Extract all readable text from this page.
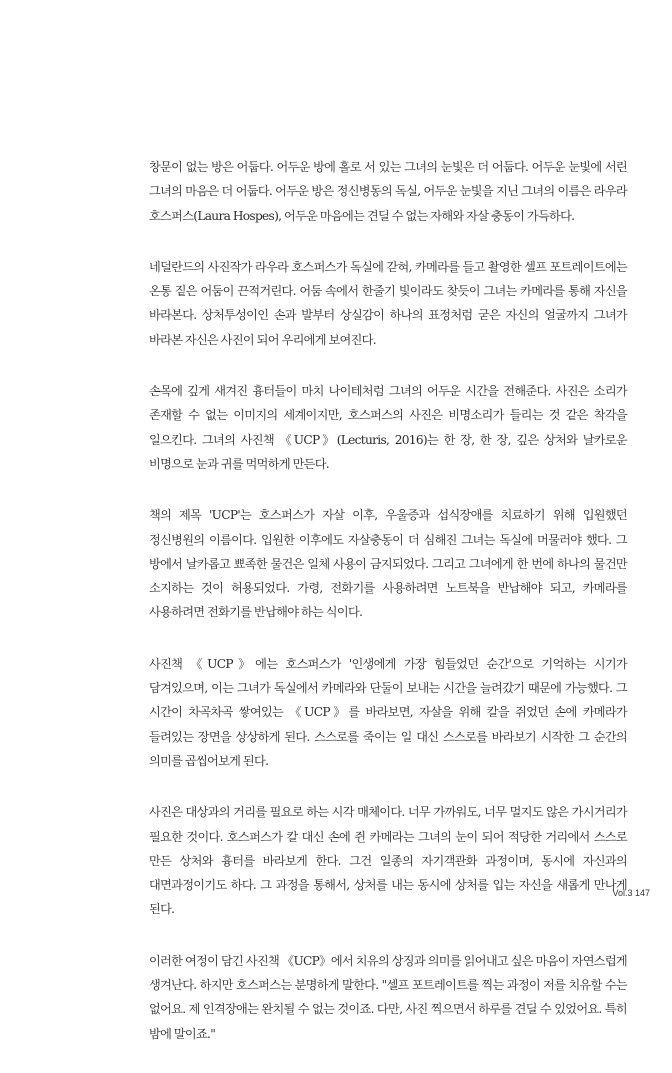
창문이 없는 방은 어둡다. 어두운 방에 홀로 서 있는 그녀의 눈빛은 더 어둡다. 어두운 눈빛에 서린 그녀의 마음은 더 어둡다. 어두운 방은 정신병동의 독실, 어두운 눈빛을 지닌 그녀의 이름은 라우라 호스퍼스(Laura Hospes), 어두운 마음에는 견딜 수 없는 자해와 자살 충동이 가득하다.

네덜란드의 사진작가 라우라 호스퍼스가 독실에 갇혀, 카메라를 들고 촬영한 셀프 포트레이트에는 온통 짙은 어둠이 끈적거린다. 어둠 속에서 한줄기 빛이라도 찾듯이 그녀는 카메라를 통해 자신을 바라본다. 상처투성이인 손과 발부터 상실감이 하나의 표정처럼 굳은 자신의 얼굴까지 그녀가 바라본 자신은 사진이 되어 우리에게 보여진다.

손목에 깊게 새겨진 흉터들이 마치 나이테처럼 그녀의 어두운 시간을 전해준다. 사진은 소리가 존재할 수 없는 이미지의 세계이지만, 호스퍼스의 사진은 비명소리가 들리는 것 같은 착각을 일으킨다. 그녀의 사진책 《UCP》(Lecturis, 2016)는 한 장, 한 장, 깊은 상처와 날카로운 비명으로 눈과 귀를 먹먹하게 만든다.

책의 제목 'UCP'는 호스퍼스가 자살 이후, 우울증과 섭식장애를 치료하기 위해 입원했던 정신병원의 이름이다. 입원한 이후에도 자살충동이 더 심해진 그녀는 독실에 머물러야 했다. 그 방에서 날카롭고 뾰족한 물건은 일체 사용이 금지되었다. 그리고 그녀에게 한 번에 하나의 물건만 소지하는 것이 허용되었다. 가령, 전화기를 사용하려면 노트북을 반납해야 되고, 카메라를 사용하려면 전화기를 반납해야 하는 식이다.

사진책 《UCP》에는 호스퍼스가 '인생에게 가장 힘들었던 순간'으로 기억하는 시기가 담겨있으며, 이는 그녀가 독실에서 카메라와 단둘이 보내는 시간을 늘려갔기 때문에 가능했다. 그 시간이 차곡차곡 쌓여있는 《UCP》를 바라보면, 자살을 위해 칼을 쥐었던 손에 카메라가 들려있는 장면을 상상하게 된다. 스스로를 죽이는 일 대신 스스로를 바라보기 시작한 그 순간의 의미를 곱씹어보게 된다.

사진은 대상과의 거리를 필요로 하는 시각 매체이다. 너무 가까워도, 너무 멀지도 않은 가시거리가 필요한 것이다. 호스퍼스가 칼 대신 손에 쥔 카메라는 그녀의 눈이 되어 적당한 거리에서 스스로 만든 상처와 흉터를 바라보게 한다. 그건 일종의 자기객관화 과정이며, 동시에 자신과의 대면과정이기도 하다. 그 과정을 통해서, 상처를 내는 동시에 상처를 입는 자신을 새롭게 만나게 된다.

이러한 여정이 담긴 사진책 《UCP》에서 치유의 상징과 의미를 읽어내고 싶은 마음이 자연스럽게 생겨난다. 하지만 호스퍼스는 분명하게 말한다. "셀프 포트레이트를 찍는 과정이 저를 치유할 수는 없어요. 제 인격장애는 완치될 수 없는 것이죠. 다만, 사진 찍으면서 하루를 견딜 수 있었어요. 특히 밤에 말이죠."

Vol.3 147
